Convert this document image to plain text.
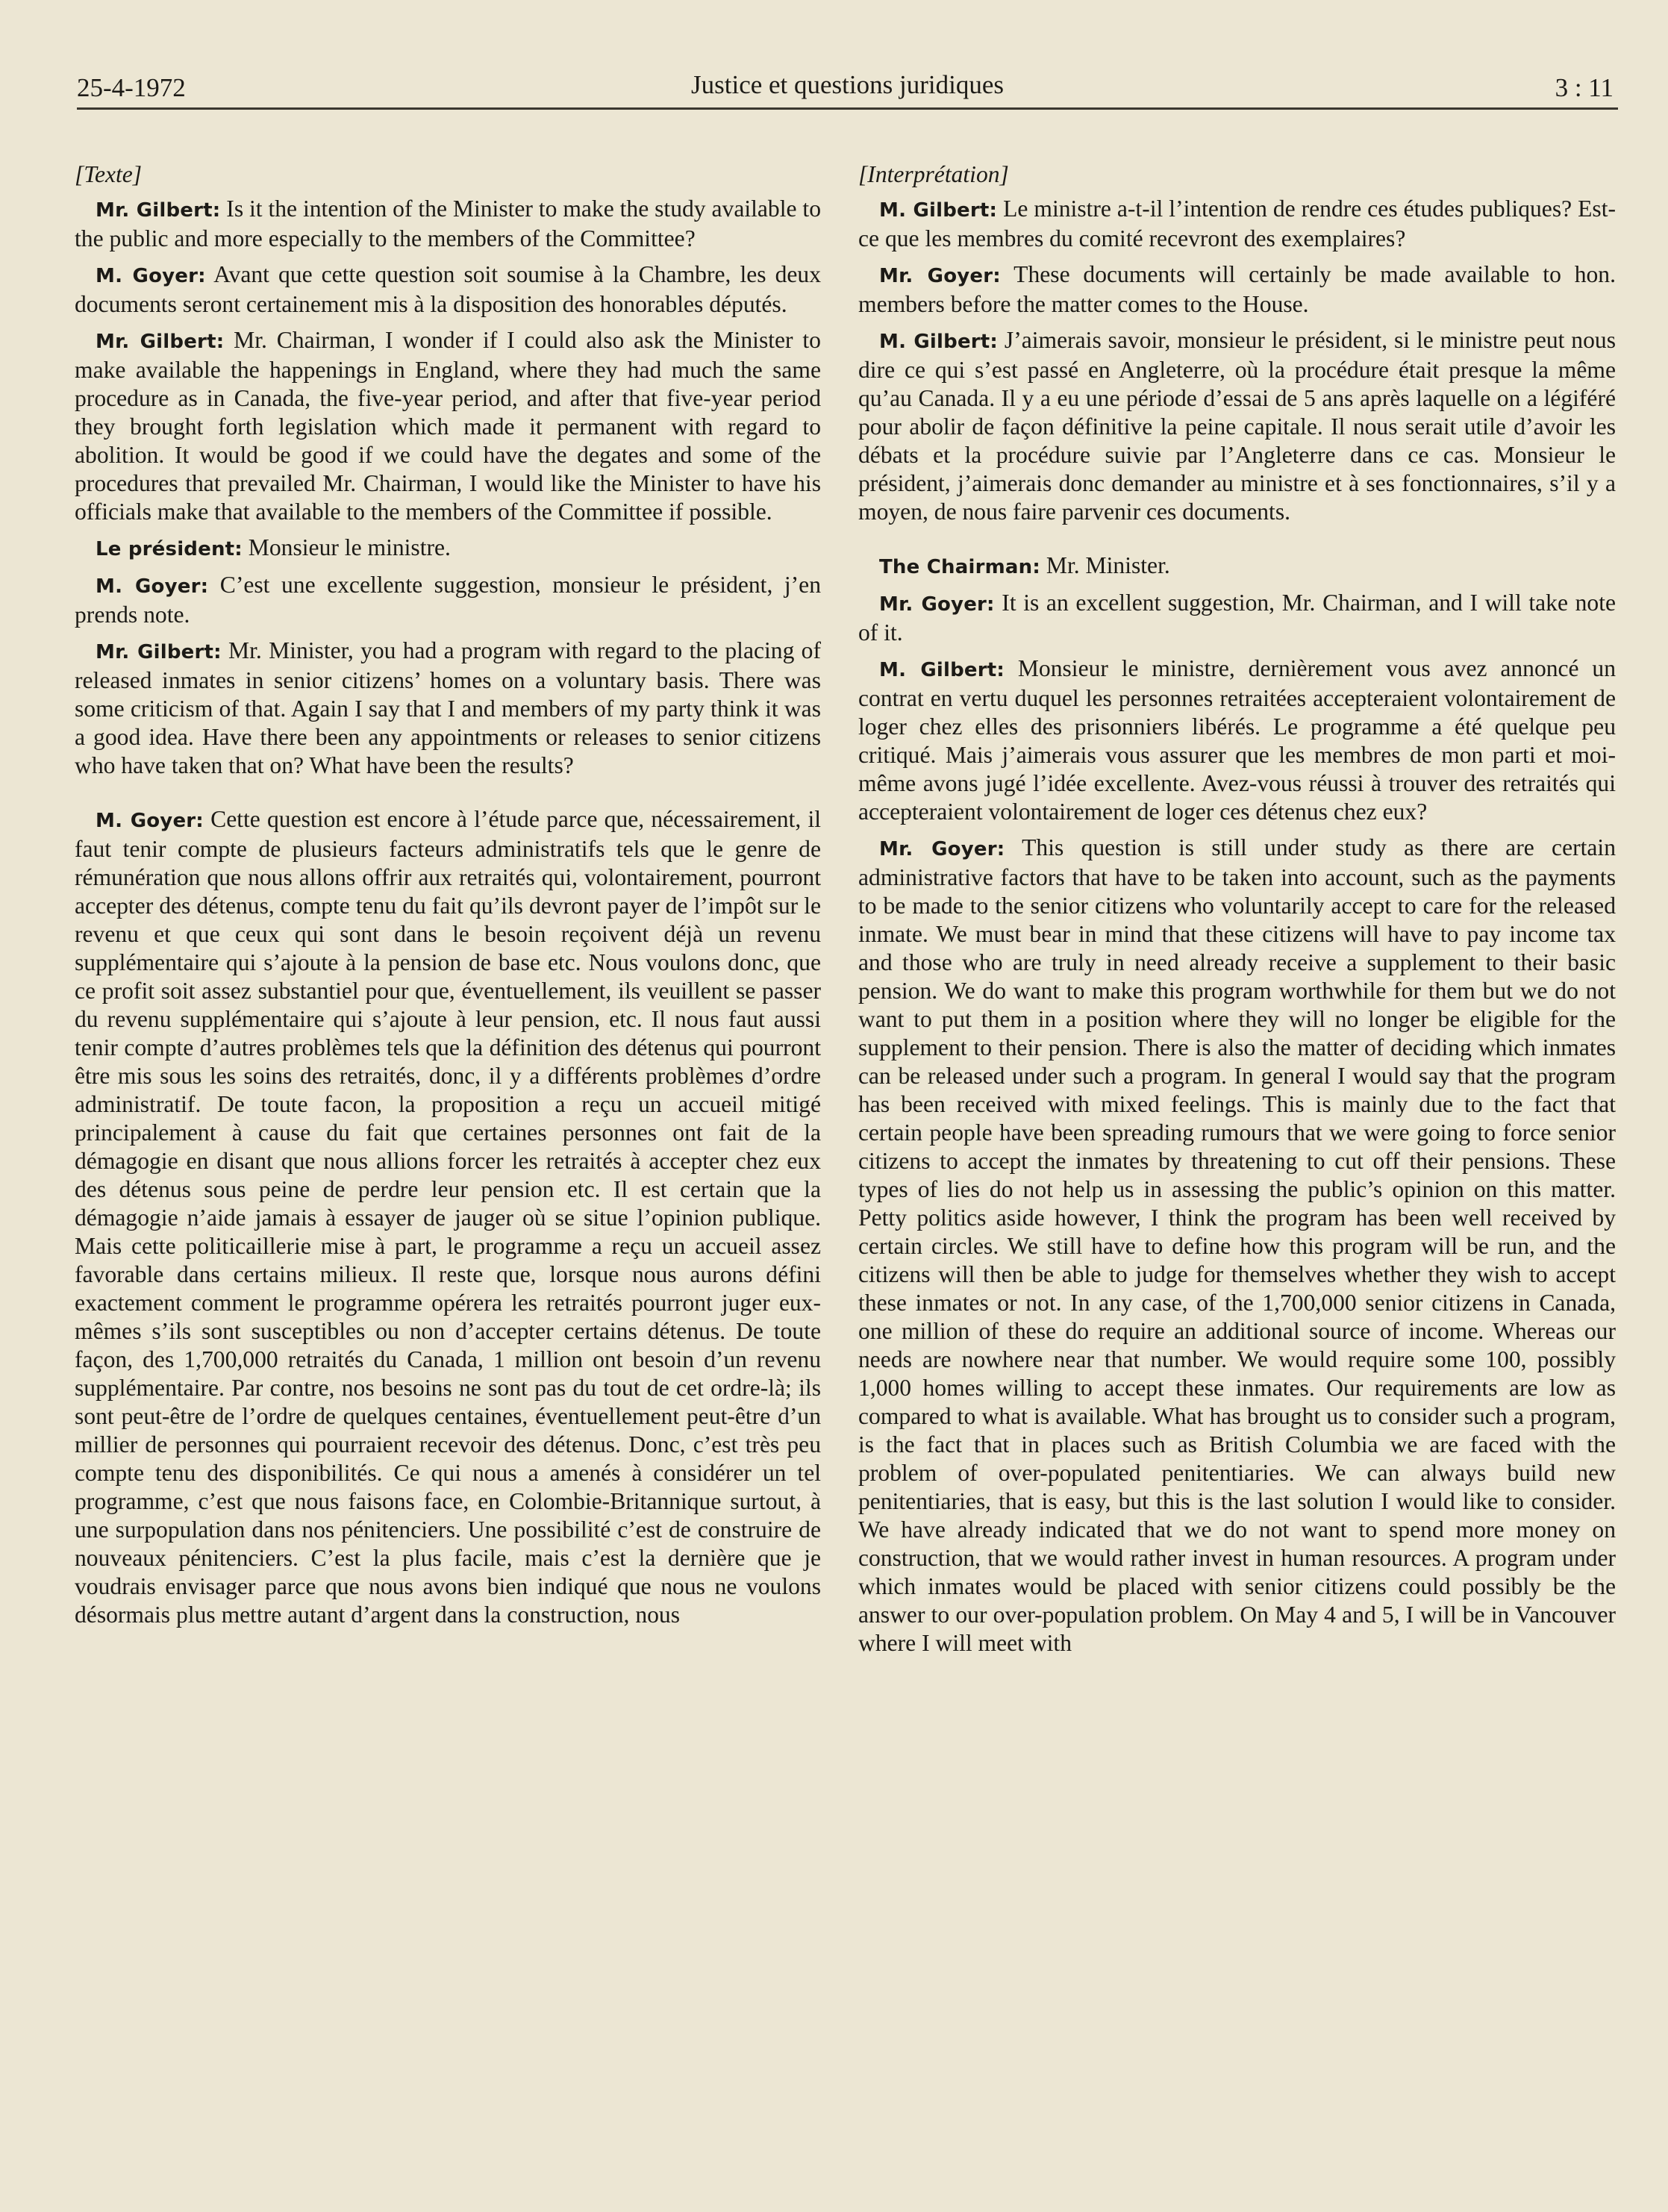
25-4-1972	Justice et questions juridiques	3 : 11

[Texte]

Mr. Gilbert: Is it the intention of the Minister to make the study available to the public and more especially to the members of the Committee?

M. Goyer: Avant que cette question soit soumise à la Chambre, les deux documents seront certainement mis à la disposition des honorables députés.

Mr. Gilbert: Mr. Chairman, I wonder if I could also ask the Minister to make available the happenings in England, where they had much the same procedure as in Canada, the five-year period, and after that five-year period they brought forth legislation which made it permanent with regard to abolition. It would be good if we could have the degates and some of the procedures that prevailed Mr. Chairman, I would like the Minister to have his officials make that available to the members of the Committee if possible.

Le président: Monsieur le ministre.

M. Goyer: C’est une excellente suggestion, monsieur le président, j’en prends note.

Mr. Gilbert: Mr. Minister, you had a program with regard to the placing of released inmates in senior citizens’ homes on a voluntary basis. There was some criticism of that. Again I say that I and members of my party think it was a good idea. Have there been any appointments or releases to senior citizens who have taken that on? What have been the results?

M. Goyer: Cette question est encore à l’étude parce que, nécessairement, il faut tenir compte de plusieurs facteurs administratifs tels que le genre de rémunération que nous allons offrir aux retraités qui, volontairement, pourront accepter des détenus, compte tenu du fait qu’ils devront payer de l’impôt sur le revenu et que ceux qui sont dans le besoin reçoivent déjà un revenu supplémentaire qui s’ajoute à la pension de base etc. Nous voulons donc, que ce profit soit assez substantiel pour que, éventuellement, ils veuillent se passer du revenu supplémentaire qui s’ajoute à leur pension, etc. Il nous faut aussi tenir compte d’autres problèmes tels que la définition des détenus qui pourront être mis sous les soins des retraités, donc, il y a différents problèmes d’ordre administratif. De toute facon, la proposition a reçu un accueil mitigé principalement à cause du fait que certaines personnes ont fait de la démagogie en disant que nous allions forcer les retraités à accepter chez eux des détenus sous peine de perdre leur pension etc. Il est certain que la démagogie n’aide jamais à essayer de jauger où se situe l’opinion publique. Mais cette politicaillerie mise à part, le programme a reçu un accueil assez favorable dans certains milieux. Il reste que, lorsque nous aurons défini exactement comment le programme opérera les retraités pourront juger eux-mêmes s’ils sont susceptibles ou non d’accepter certains détenus. De toute façon, des 1,700,000 retraités du Canada, 1 million ont besoin d’un revenu supplémentaire. Par contre, nos besoins ne sont pas du tout de cet ordre-là; ils sont peut-être de l’ordre de quelques centaines, éventuellement peut-être d’un millier de personnes qui pourraient recevoir des détenus. Donc, c’est très peu compte tenu des disponibilités. Ce qui nous a amenés à considérer un tel programme, c’est que nous faisons face, en Colombie-Britannique surtout, à une surpopulation dans nos pénitenciers. Une possibilité c’est de construire de nouveaux pénitenciers. C’est la plus facile, mais c’est la dernière que je voudrais envisager parce que nous avons bien indiqué que nous ne voulons désormais plus mettre autant d’argent dans la construction, nous

[Interprétation]

M. Gilbert: Le ministre a-t-il l’intention de rendre ces études publiques? Est-ce que les membres du comité recevront des exemplaires?

Mr. Goyer: These documents will certainly be made available to hon. members before the matter comes to the House.

M. Gilbert: J’aimerais savoir, monsieur le président, si le ministre peut nous dire ce qui s’est passé en Angleterre, où la procédure était presque la même qu’au Canada. Il y a eu une période d’essai de 5 ans après laquelle on a légiféré pour abolir de façon définitive la peine capitale. Il nous serait utile d’avoir les débats et la procédure suivie par l’Angleterre dans ce cas. Monsieur le président, j’aimerais donc demander au ministre et à ses fonctionnaires, s’il y a moyen, de nous faire parvenir ces documents.

The Chairman: Mr. Minister.

Mr. Goyer: It is an excellent suggestion, Mr. Chairman, and I will take note of it.

M. Gilbert: Monsieur le ministre, dernièrement vous avez annoncé un contrat en vertu duquel les personnes retraitées accepteraient volontairement de loger chez elles des prisonniers libérés. Le programme a été quelque peu critiqué. Mais j’aimerais vous assurer que les membres de mon parti et moi-même avons jugé l’idée excellente. Avez-vous réussi à trouver des retraités qui accepteraient volontairement de loger ces détenus chez eux?

Mr. Goyer: This question is still under study as there are certain administrative factors that have to be taken into account, such as the payments to be made to the senior citizens who voluntarily accept to care for the released inmate. We must bear in mind that these citizens will have to pay income tax and those who are truly in need already receive a supplement to their basic pension. We do want to make this program worthwhile for them but we do not want to put them in a position where they will no longer be eligible for the supplement to their pension. There is also the matter of deciding which inmates can be released under such a program. In general I would say that the program has been received with mixed feelings. This is mainly due to the fact that certain people have been spreading rumours that we were going to force senior citizens to accept the inmates by threatening to cut off their pensions. These types of lies do not help us in assessing the public’s opinion on this matter. Petty politics aside however, I think the program has been well received by certain circles. We still have to define how this program will be run, and the citizens will then be able to judge for themselves whether they wish to accept these inmates or not. In any case, of the 1,700,000 senior citizens in Canada, one million of these do require an additional source of income. Whereas our needs are nowhere near that number. We would require some 100, possibly 1,000 homes willing to accept these inmates. Our requirements are low as compared to what is available. What has brought us to consider such a program, is the fact that in places such as British Columbia we are faced with the problem of over-populated penitentiaries. We can always build new penitentiaries, that is easy, but this is the last solution I would like to consider. We have already indicated that we do not want to spend more money on construction, that we would rather invest in human resources. A program under which inmates would be placed with senior citizens could possibly be the answer to our over-population problem. On May 4 and 5, I will be in Vancouver where I will meet with
